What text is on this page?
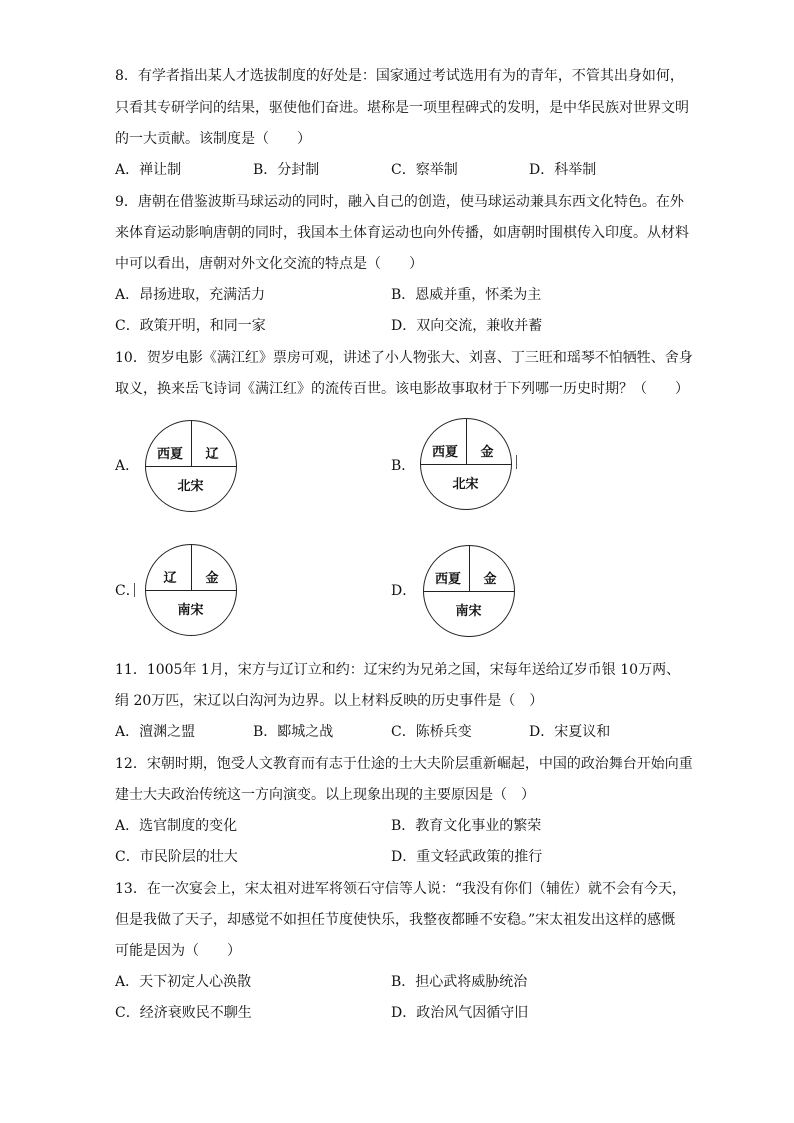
8．有学者指出某人才选拔制度的好处是：国家通过考试选用有为的青年，不管其出身如何，
只看其专研学问的结果，驱使他们奋进。堪称是一项里程碑式的发明，是中华民族对世界文明
的一大贡献。该制度是（　　）
A．禅让制	B．分封制	C．察举制	D．科举制
9．唐朝在借鉴波斯马球运动的同时，融入自己的创造，使马球运动兼具东西文化特色。在外
来体育运动影响唐朝的同时，我国本土体育运动也向外传播，如唐朝时围棋传入印度。从材料
中可以看出，唐朝对外文化交流的特点是（　　）
A．昂扬进取，充满活力	B．恩威并重，怀柔为主
C．政策开明，和同一家	D．双向交流，兼收并蓄
10．贺岁电影《满江红》票房可观，讲述了小人物张大、刘喜、丁三旺和瑶琴不怕牺牲、舍身
取义，换来岳飞诗词《满江红》的流传百世。该电影故事取材于下列哪一历史时期？（　　）
A．
西夏	辽
北宋
B．
西夏	金
北宋
C．
辽	金
南宋
D．
西夏	金
南宋
11．1005年 1月，宋方与辽订立和约：辽宋约为兄弟之国，宋每年送给辽岁币银 10万两、
绢 20万匹，宋辽以白沟河为边界。以上材料反映的历史事件是（　）
A．澶渊之盟	B．郾城之战	C．陈桥兵变	D．宋夏议和
12．宋朝时期，饱受人文教育而有志于仕途的士大夫阶层重新崛起，中国的政治舞台开始向重
建士大夫政治传统这一方向演变。以上现象出现的主要原因是（　）
A．选官制度的变化	B．教育文化事业的繁荣
C．市民阶层的壮大	D．重文轻武政策的推行
13．在一次宴会上，宋太祖对进军将领石守信等人说：“我没有你们（辅佐）就不会有今天，
但是我做了天子，却感觉不如担任节度使快乐，我整夜都睡不安稳。”宋太祖发出这样的感慨
可能是因为（　　）
A．天下初定人心涣散	B．担心武将威胁统治
C．经济衰败民不聊生	D．政治风气因循守旧
